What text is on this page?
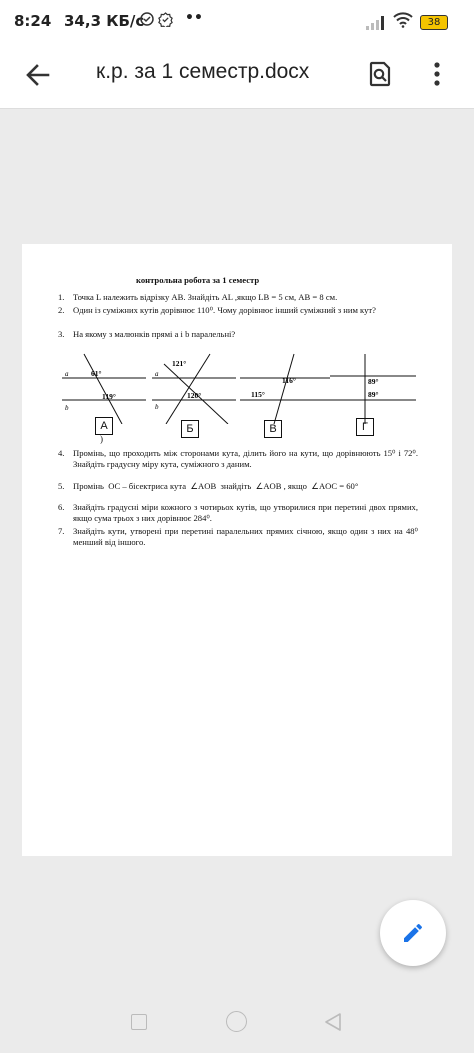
8:24 34,3 КБ/с	••	38
к.р. за 1 семестр.docx
контрольна робота за 1 семестр
1. Точка L належить відрізку AB. Знайдіть AL ,якщо LB = 5 см, AB = 8 см.
2. Один із суміжних кутів дорівнює 110⁰. Чому дорівнює інший суміжний з ним кут?
3. На якому з малюнків прямі a і b паралельні?
a
b
61°
119°
А
)
a
b
121°
120°
Б
116°
115°
В
89°
89°
Г
4. Промінь, що проходить між сторонами кута, ділить його на кути, що дорівнюють 15⁰ і 72⁰. Знайдіть градусну міру кута, суміжного з даним.
5. Промінь  OC – бісектриса кута  ∠AOB  знайдіть  ∠AOB , якщо  ∠AOC = 60°
6. Знайдіть градусні міри кожного з чотирьох кутів, що утворилися при перетині двох прямих, якщо сума трьох з них дорівнює 284⁰.
7. Знайдіть кути, утворені при перетині паралельних прямих січною, якщо один з них на 48⁰ менший від іншого.
